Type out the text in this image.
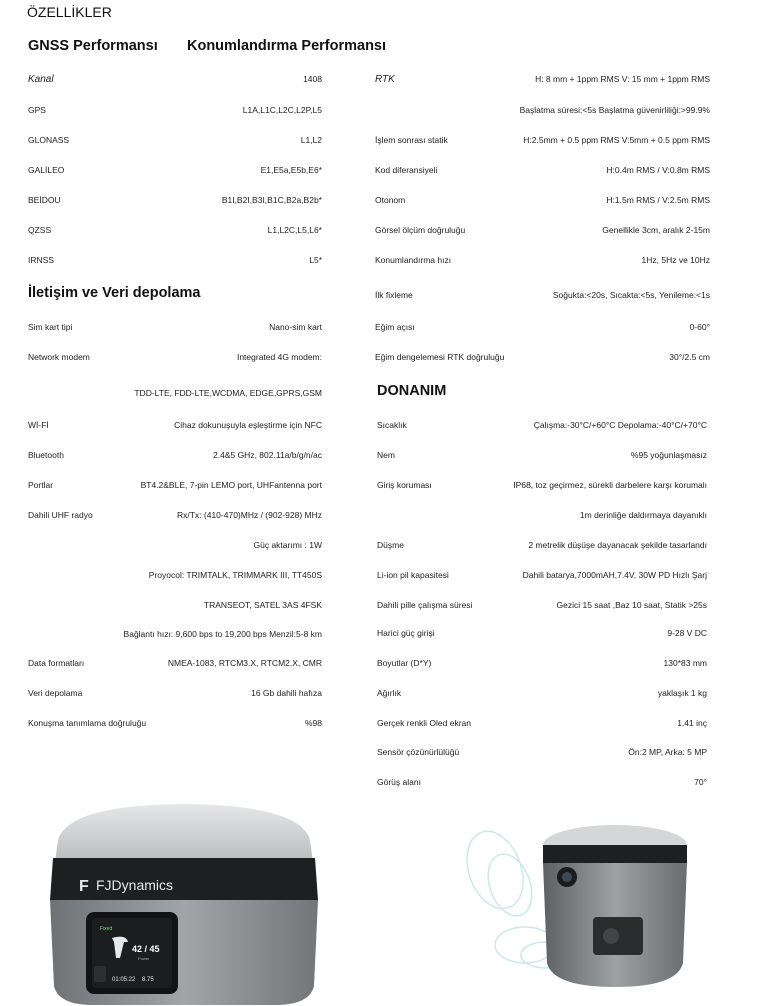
ÖZELLİKLER
GNSS Performansı Konumlandırma Performansı
İletişim ve Veri depolama
DONANIM
Kanal	1408
GPS	L1A,L1C,L2C,L2P,L5
GLONASS	L1,L2
GALİLEO	E1,E5a,E5b,E6*
BEİDOU	B1I,B2I,B3I,B1C,B2a,B2b*
QZSS	L1,L2C,L5,L6*
IRNSS	L5*
Sim kart tipi	Nano-sim kart
Network modem	Integrated 4G modem:
TDD-LTE, FDD-LTE,WCDMA, EDGE,GPRS,GSM
Wİ-Fİ	Cihaz dokunuşuyla eşleştirme için NFC
Bluetooth	2.4&5 GHz, 802.11a/b/g/n/ac
Portlar	BT4.2&BLE, 7-pin LEMO port, UHFantenna port
Dahili UHF radyo	Rx/Tx: (410-470)MHz / (902-928) MHz
Güç aktarımı : 1W
Proyocol: TRIMTALK, TRIMMARK III, TT450S
TRANSEOT, SATEL 3AS 4FSK
Bağlantı hızı: 9,600 bps to 19,200 bps Menzil:5-8 km
Data formatları	NMEA-1083, RTCM3.X, RTCM2.X, CMR
Veri depolama	16 Gb dahili hafıza
Konuşma tanımlama doğruluğu	%98
RTK	H: 8 mm + 1ppm RMS V: 15 mm + 1ppm RMS
Başlatma süresi:<5s Başlatma güvenirliliği:>99.9%
İşlem sonrası statik	H:2.5mm + 0.5 ppm RMS V:5mm + 0.5 ppm RMS
Kod diferansiyeli	H:0.4m RMS / V:0.8m RMS
Otonom	H:1.5m RMS / V:2.5m RMS
Görsel ölçüm doğruluğu	Genellikle 3cm, aralık 2-15m
Konumlandırma hızı	1Hz, 5Hz ve 10Hz
İlk fixleme	Soğukta:<20s, Sıcakta:<5s, Yenileme:<1s
Eğim açısı	0-60°
Eğim dengelemesi RTK doğruluğu	30°/2.5 cm
Sıcaklık	Çalışma:-30°C/+60°C Depolama:-40°C/+70°C
Nem	%95 yoğunlaşmasız
Giriş koruması	IP68, toz geçirmez, sürekli darbelere karşı korumalı
1m derinliğe daldırmaya dayanıklı
Düşme	2 metrelik düşüşe dayanacak şekilde tasarlandı
Li-ion pil kapasitesi	Dahili batarya,7000mAH,7.4V, 30W PD Hızlı Şarj
Dahili pille çalışma süresi	Gezici 15 saat ,Baz 10 saat, Statik >25s
Harici güç girişi	9-28 V DC
Boyutlar (D*Y)	130*83 mm
Ağırlık	yaklaşık 1 kg
Gerçek renkli Oled ekran	1.41 inç
Sensör çözünürlülüğü	Ön:2 MP, Arka: 5 MP
Görüş alanı	70°
F FJDynamics
Fixed
42 / 45
Power
01:05:22 8.75
